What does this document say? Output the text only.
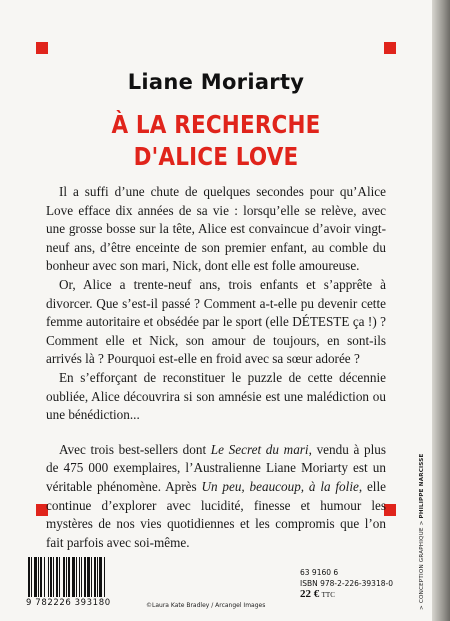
Liane Moriarty
À LA RECHERCHE
D'ALICE LOVE

Il a suffi d’une chute de quelques secondes pour qu’Alice Love efface dix années de sa vie : lorsqu’elle se relève, avec une grosse bosse sur la tête, Alice est convaincue d’avoir vingt-neuf ans, d’être enceinte de son premier enfant, au comble du bonheur avec son mari, Nick, dont elle est folle amoureuse.

Or, Alice a trente-neuf ans, trois enfants et s’apprête à divorcer. Que s’est-il passé ? Comment a-t-elle pu devenir cette femme autoritaire et obsédée par le sport (elle DÉTESTE ça !) ? Comment elle et Nick, son amour de toujours, en sont-ils arrivés là ? Pourquoi est-elle en froid avec sa sœur adorée ?

En s’efforçant de reconstituer le puzzle de cette décennie oubliée, Alice découvrira si son amnésie est une malédiction ou une bénédiction...

Avec trois best-sellers dont Le Secret du mari, vendu à plus de 475 000 exemplaires, l’Australienne Liane Moriarty est un véritable phénomène. Après Un peu, beaucoup, à la folie, elle continue d’explorer avec lucidité, finesse et humour les mystères de nos vies quotidiennes et les compromis que l’on fait parfois avec soi-même.	> CONCEPTION GRAPHIQUE > PHILIPPE NARCISSE
9 782226 393180	©Laura Kate Bradley / Arcangel Images
63 9160 6
ISBN 978-2-226-39318-0
22 € TTC
